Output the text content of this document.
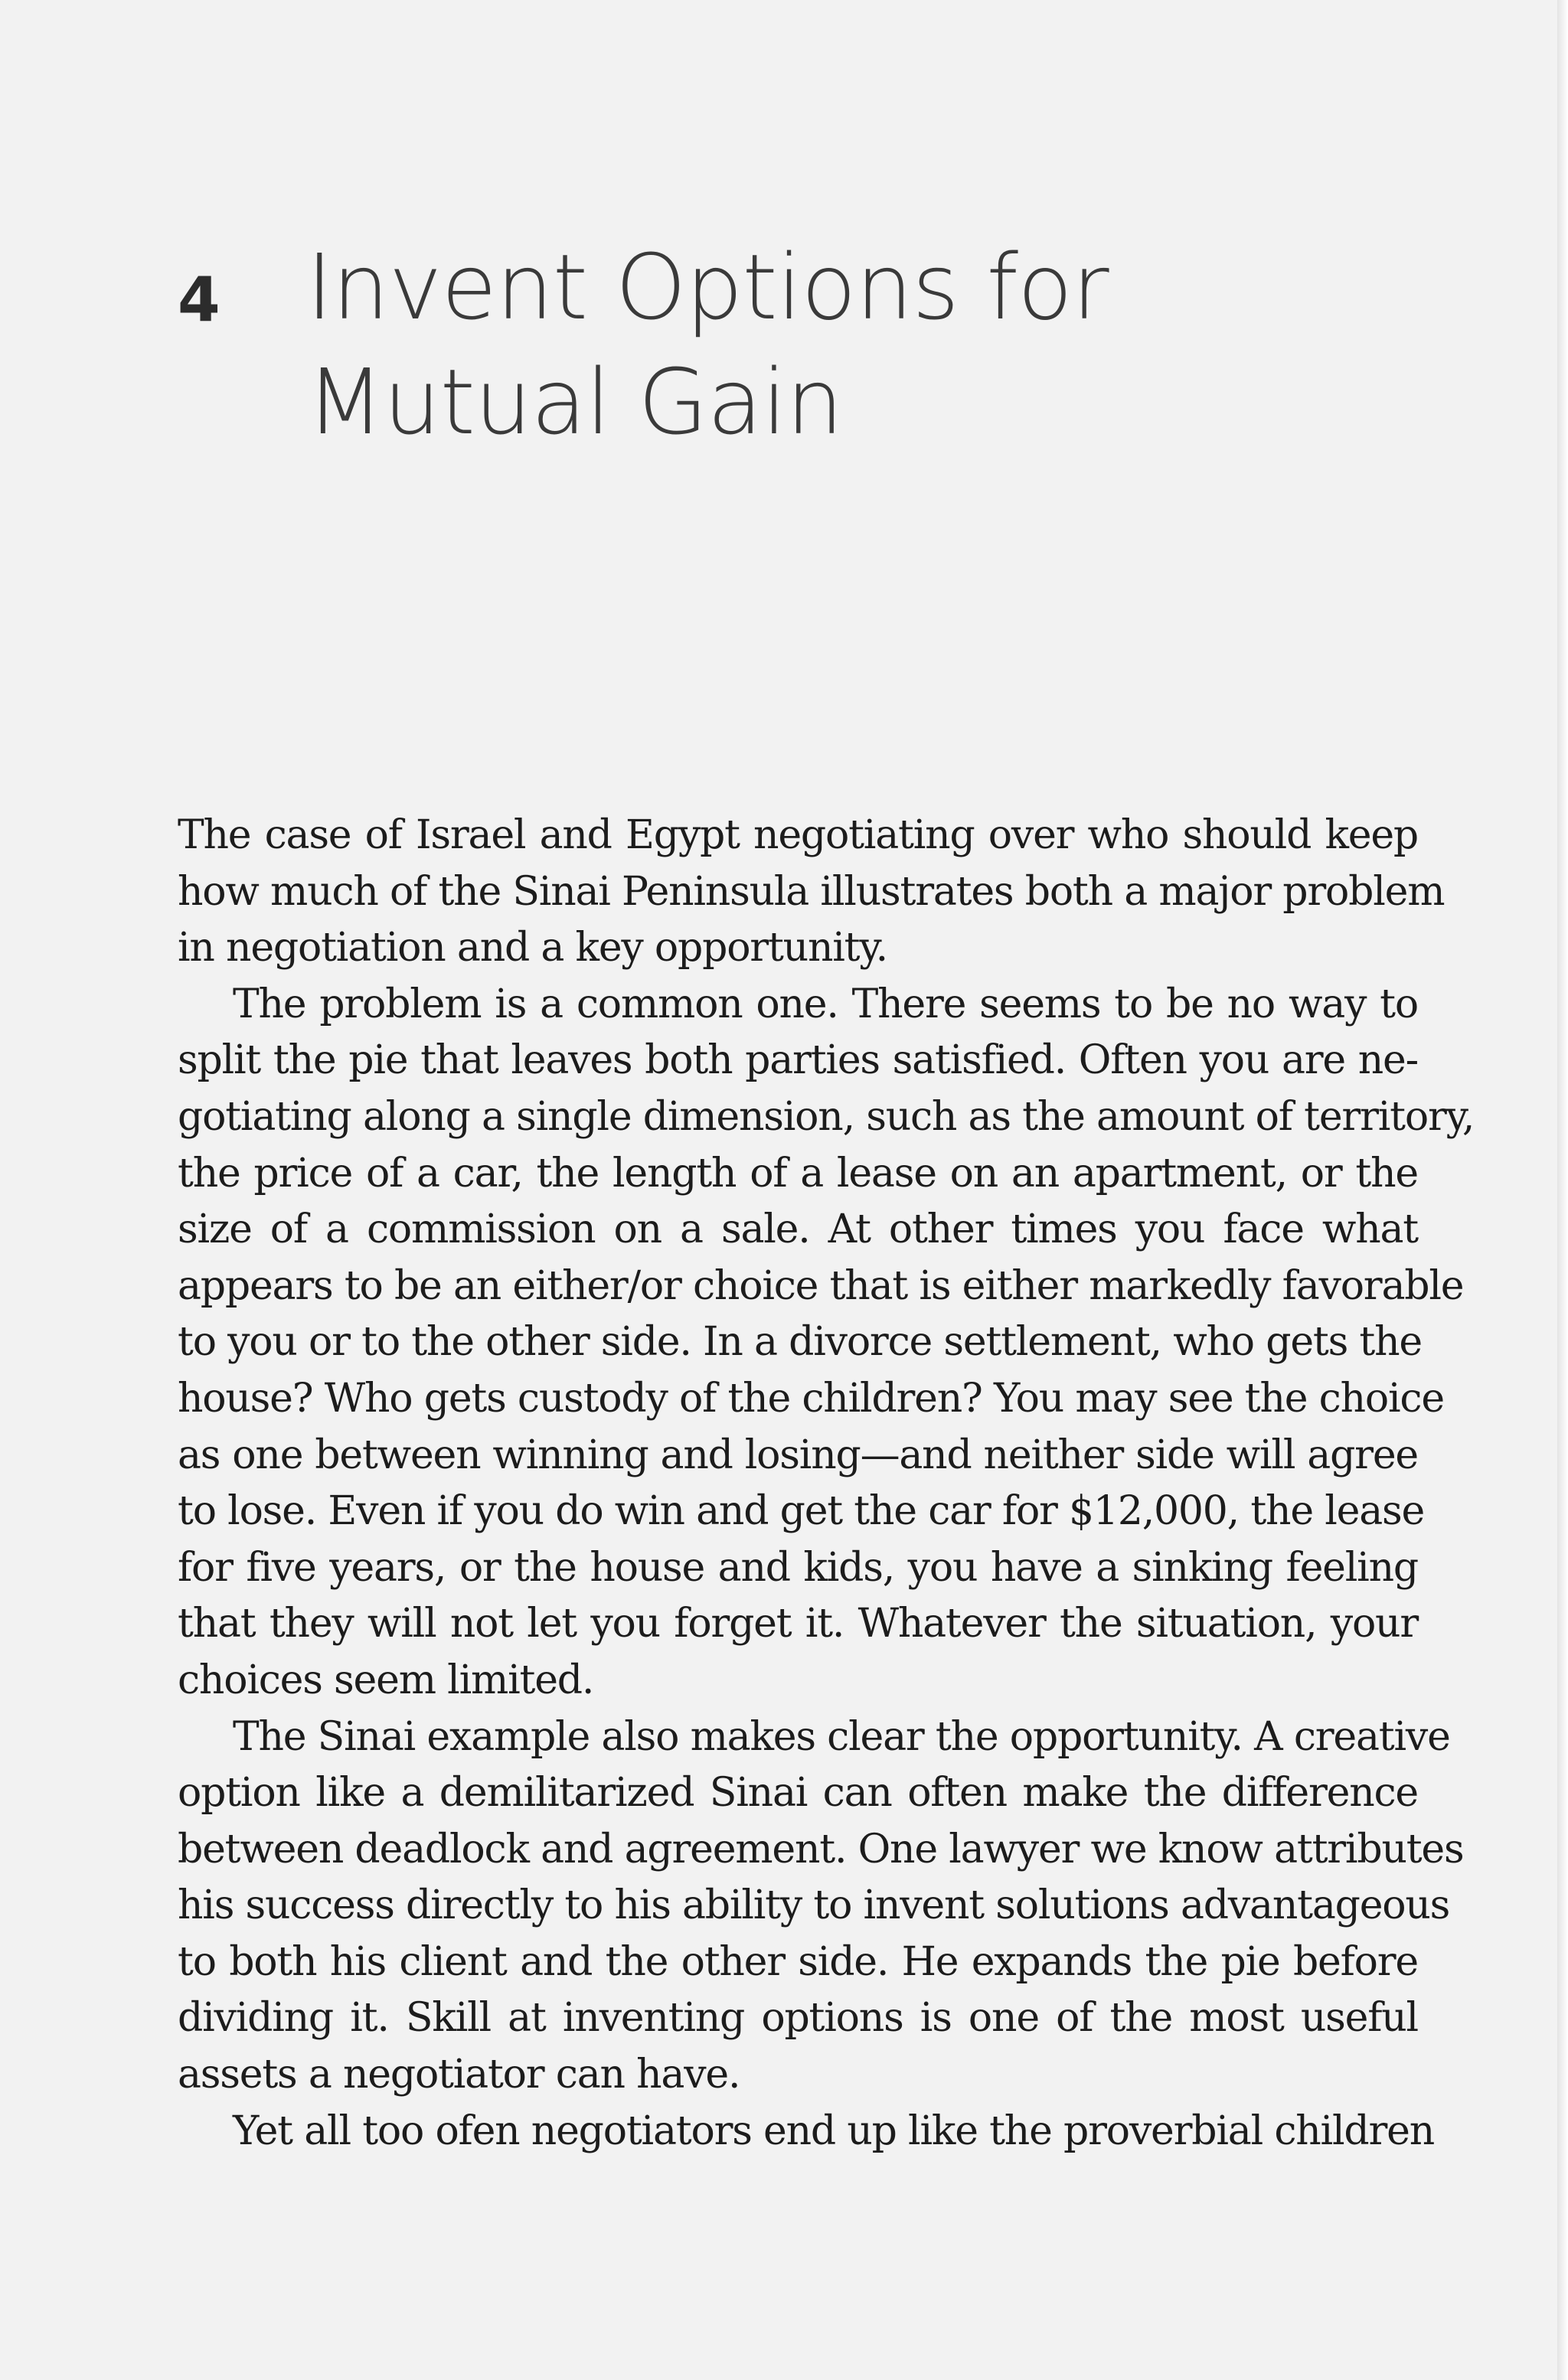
4 Invent Options for
Mutual Gain
The case of Israel and Egypt negotiating over who should keep
how much of the Sinai Peninsula illustrates both a major problem
in negotiation and a key opportunity.
The problem is a common one. There seems to be no way to
split the pie that leaves both parties satisfied. Often you are ne-
gotiating along a single dimension, such as the amount of territory,
the price of a car, the length of a lease on an apartment, or the
size of a commission on a sale. At other times you face what
appears to be an either/or choice that is either markedly favorable
to you or to the other side. In a divorce settlement, who gets the
house? Who gets custody of the children? You may see the choice
as one between winning and losing—and neither side will agree
to lose. Even if you do win and get the car for $12,000, the lease
for five years, or the house and kids, you have a sinking feeling
that they will not let you forget it. Whatever the situation, your
choices seem limited.
The Sinai example also makes clear the opportunity. A creative
option like a demilitarized Sinai can often make the difference
between deadlock and agreement. One lawyer we know attributes
his success directly to his ability to invent solutions advantageous
to both his client and the other side. He expands the pie before
dividing it. Skill at inventing options is one of the most useful
assets a negotiator can have.
Yet all too ofen negotiators end up like the proverbial children
